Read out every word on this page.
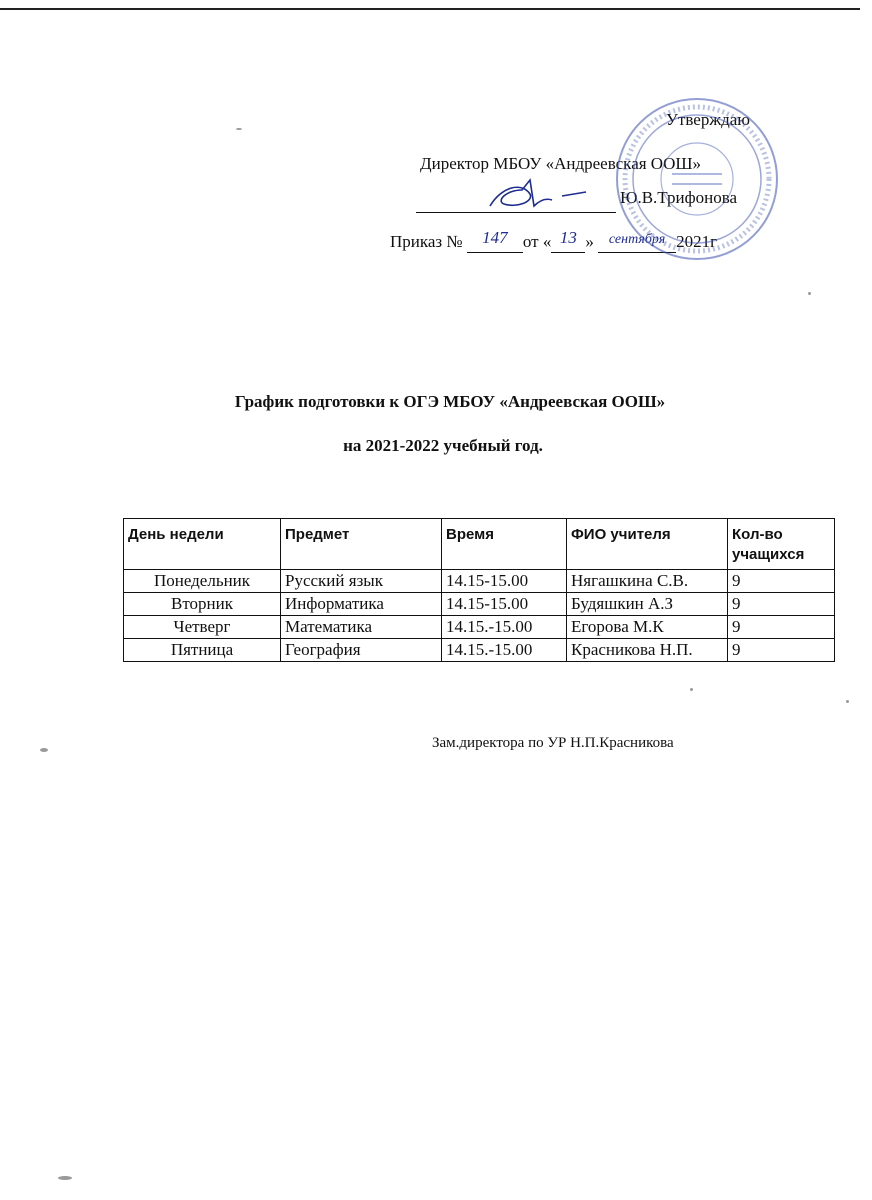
Утверждаю
Директор МБОУ «Андреевская ООШ»
Ю.В.Трифонова
Приказ № 147 от « 13 » $^{сентября}$ 2021г
График подготовки к ОГЭ МБОУ «Андреевская ООШ»
на 2021-2022 учебный год.
День недели	Предмет	Время	ФИО учителя	Кол-во учащихся
Понедельник	Русский язык	14.15-15.00	Нягашкина С.В.	9
Вторник	Информатика	14.15-15.00	Будяшкин А.З	9
Четверг	Математика	14.15.-15.00	Егорова М.К	9
Пятница	География	14.15.-15.00	Красникова Н.П.	9
Зам.директора по УР Н.П.Красникова
